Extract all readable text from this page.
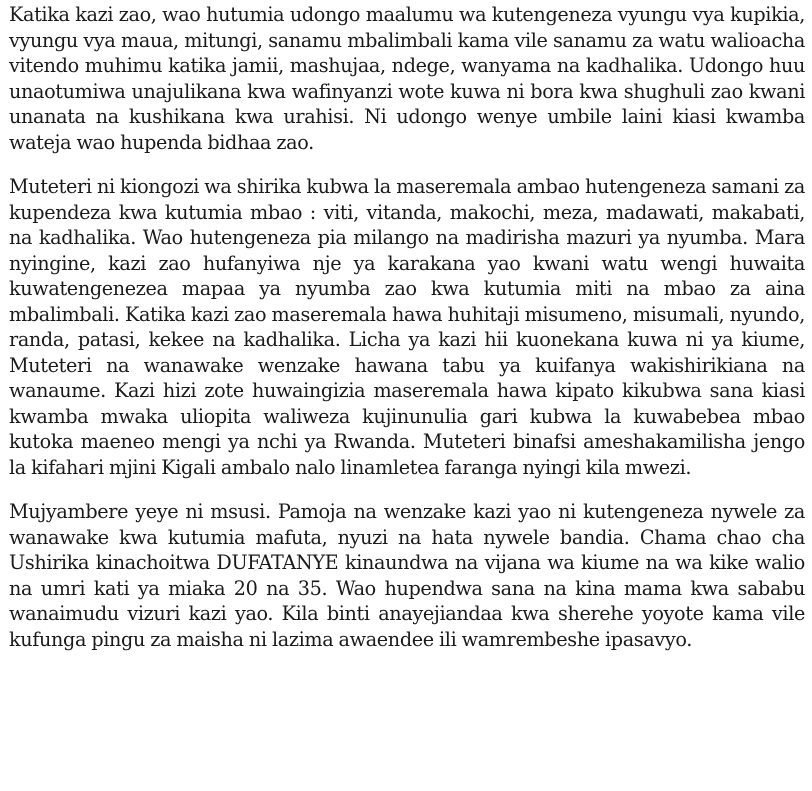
Katika kazi zao, wao hutumia udongo maalumu wa kutengeneza vyungu vya kupikia, vyungu vya maua, mitungi, sanamu mbalimbali kama vile sanamu za watu walioacha vitendo muhimu katika jamii, mashujaa, ndege, wanyama na kadhalika. Udongo huu unaotumiwa unajulikana kwa wafinyanzi wote kuwa ni bora kwa shughuli zao kwani unanata na kushikana kwa urahisi. Ni udongo wenye umbile laini kiasi kwamba wateja wao hupenda bidhaa zao.

Muteteri ni kiongozi wa shirika kubwa la maseremala ambao hutengeneza samani za kupendeza kwa kutumia mbao : viti, vitanda, makochi, meza, madawati, makabati, na kadhalika. Wao hutengeneza pia milango na madirisha mazuri ya nyumba. Mara nyingine, kazi zao hufanyiwa nje ya karakana yao kwani watu wengi huwaita kuwatengenezea mapaa ya nyumba zao kwa kutumia miti na mbao za aina mbalimbali. Katika kazi zao maseremala hawa huhitaji misumeno, misumali, nyundo, randa, patasi, kekee na kadhalika. Licha ya kazi hii kuonekana kuwa ni ya kiume, Muteteri na wanawake wenzake hawana tabu ya kuifanya wakishirikiana na wanaume. Kazi hizi zote huwaingizia maseremala hawa kipato kikubwa sana kiasi kwamba mwaka uliopita waliweza kujinunulia gari kubwa la kuwabebea mbao kutoka maeneo mengi ya nchi ya Rwanda. Muteteri binafsi ameshakamilisha jengo la kifahari mjini Kigali ambalo nalo linamletea faranga nyingi kila mwezi.

Mujyambere yeye ni msusi. Pamoja na wenzake kazi yao ni kutengeneza nywele za wanawake kwa kutumia mafuta, nyuzi na hata nywele bandia. Chama chao cha Ushirika kinachoitwa DUFATANYE kinaundwa na vijana wa kiume na wa kike walio na umri kati ya miaka 20 na 35. Wao hupendwa sana na kina mama kwa sababu wanaimudu vizuri kazi yao. Kila binti anayejiandaa kwa sherehe yoyote kama vile kufunga pingu za maisha ni lazima awaendee ili wamrembeshe ipasavyo.
